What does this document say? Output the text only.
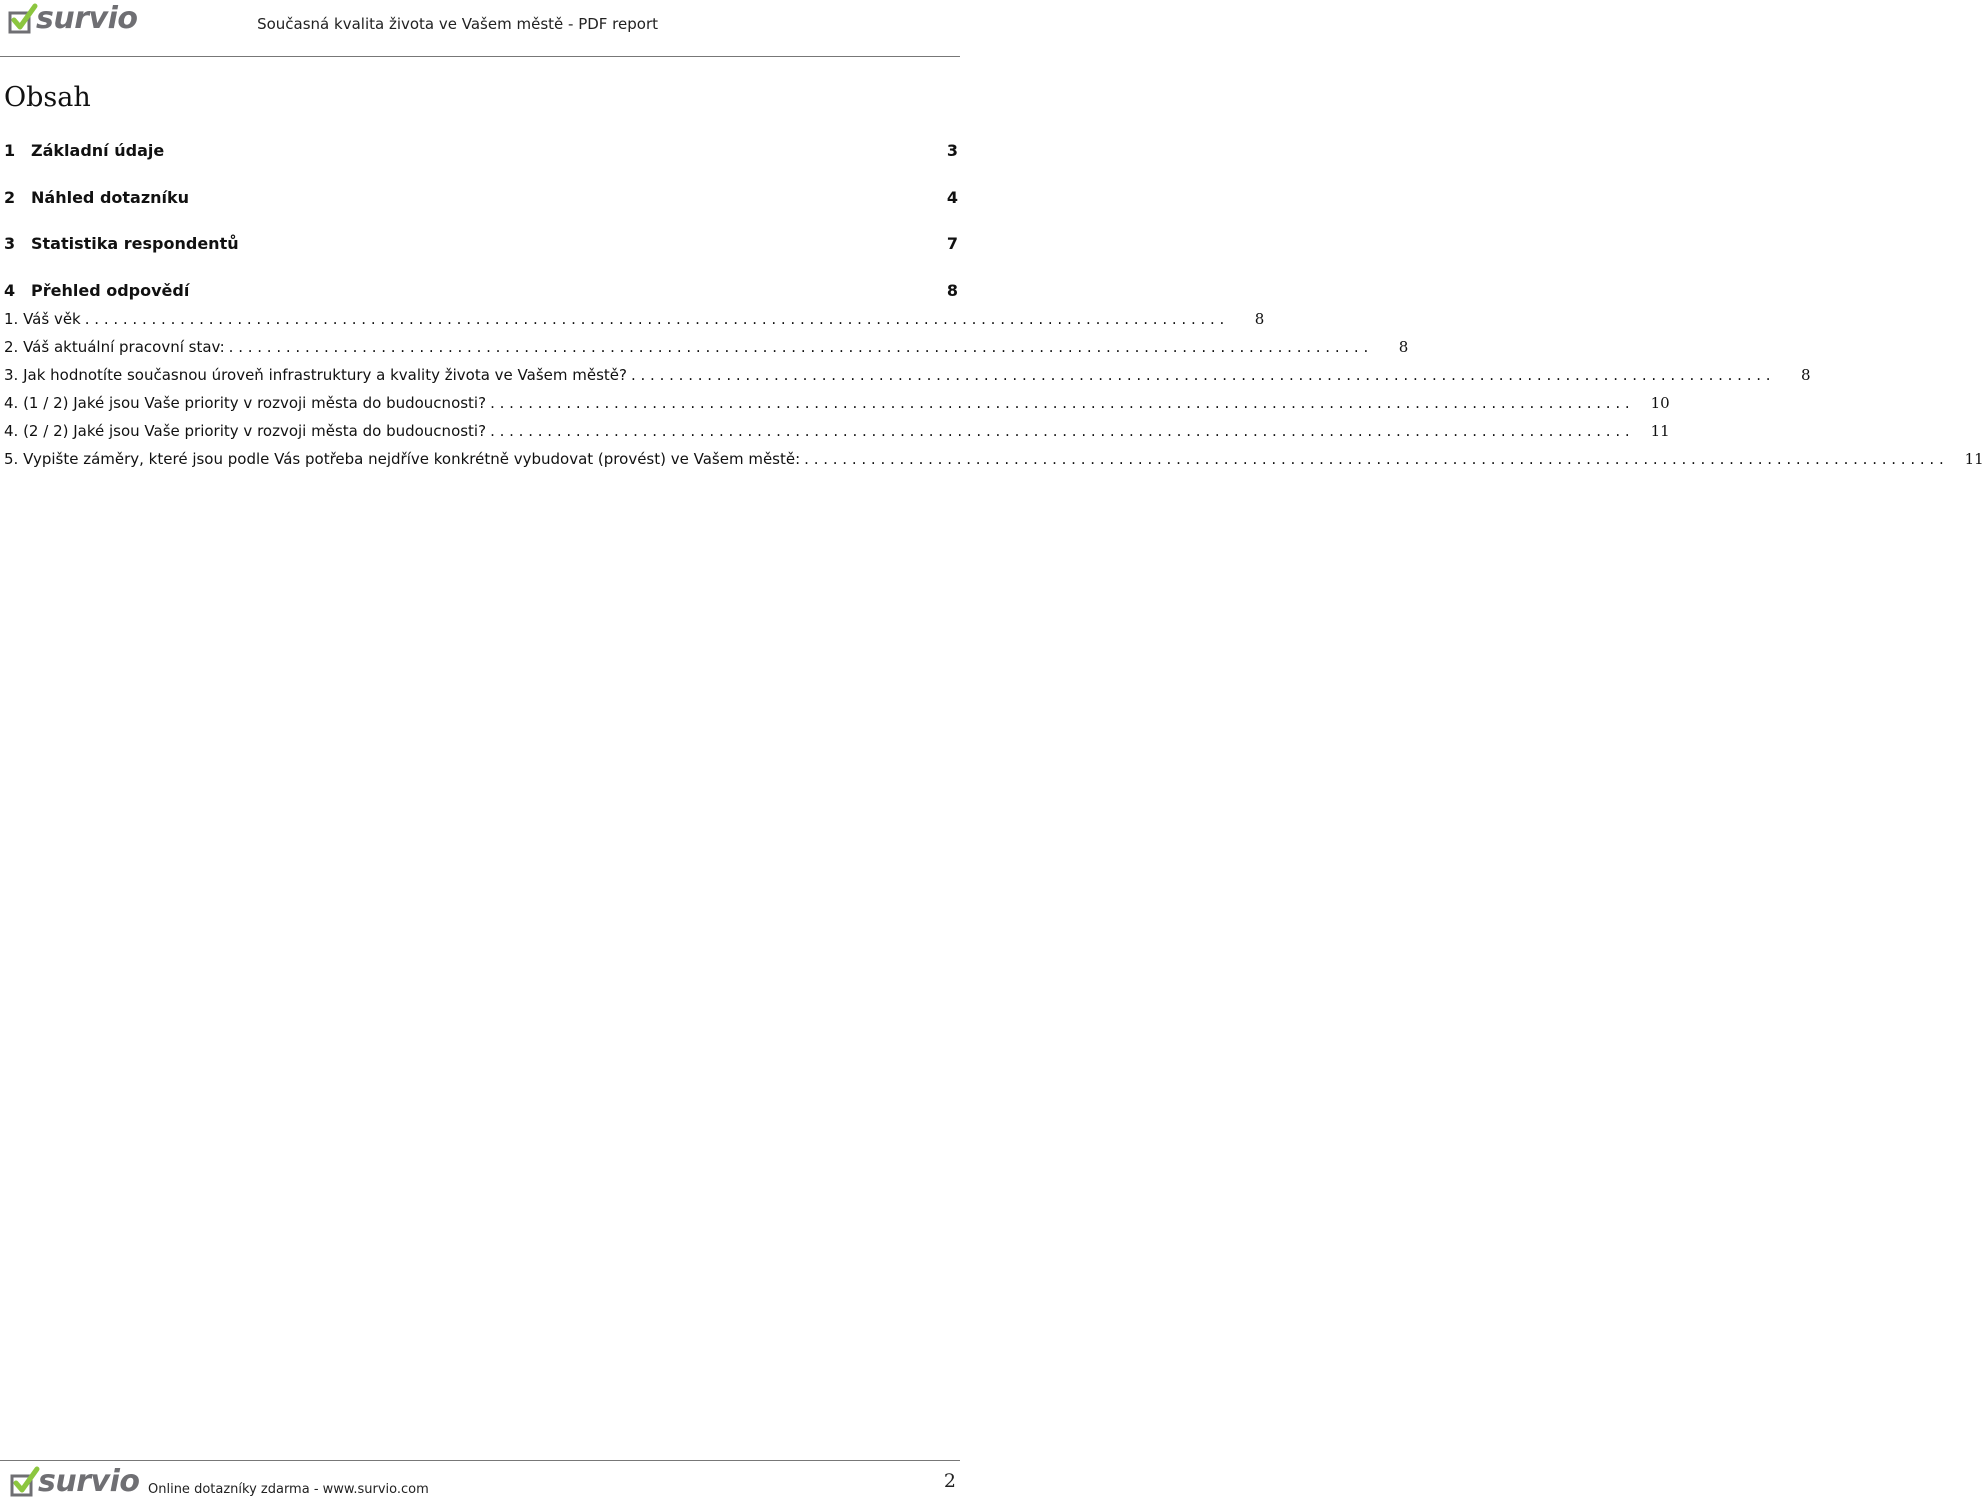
survio	Současná kvalita života ve Vašem městě - PDF report
Obsah
1 Základní údaje	3
2 Náhled dotazníku	4
3 Statistika respondentů	7
4 Přehled odpovědí	8
1. Váš věk . . . . . . . . . . . . . . . . . . . . . . . . . . . . . . . . . . . . . . . . . . . . . . . . . . . . . . . . . . . . . . . . . . . . . . . . . . . . . . . . . . . . . . . . . . . . . . . . . . . . . . . . . . . . . . . . . . . . . . . .	8
2. Váš aktuální pracovní stav: . . . . . . . . . . . . . . . . . . . . . . . . . . . . . . . . . . . . . . . . . . . . . . . . . . . . . . . . . . . . . . . . . . . . . . . . . . . . . . . . . . . . . . . . . . . . . . . . . . . . . . . . . . . . . . . . . . . . . . . .	8
3. Jak hodnotíte současnou úroveň infrastruktury a kvality života ve Vašem městě? . . . . . . . . . . . . . . . . . . . . . . . . . . . . . . . . . . . . . . . . . . . . . . . . . . . . . . . . . . . . . . . . . . . . . . . . . . . . . . . . . . . . . . . . . . . . . . . . . . . . . . . . . . . . . . . . . . . . . . . .	8
4. (1 / 2) Jaké jsou Vaše priority v rozvoji města do budoucnosti? . . . . . . . . . . . . . . . . . . . . . . . . . . . . . . . . . . . . . . . . . . . . . . . . . . . . . . . . . . . . . . . . . . . . . . . . . . . . . . . . . . . . . . . . . . . . . . . . . . . . . . . . . . . . . . . . . . . . . . . .	10
4. (2 / 2) Jaké jsou Vaše priority v rozvoji města do budoucnosti? . . . . . . . . . . . . . . . . . . . . . . . . . . . . . . . . . . . . . . . . . . . . . . . . . . . . . . . . . . . . . . . . . . . . . . . . . . . . . . . . . . . . . . . . . . . . . . . . . . . . . . . . . . . . . . . . . . . . . . . .	11
5. Vypište záměry, které jsou podle Vás potřeba nejdříve konkrétně vybudovat (provést) ve Vašem městě: . . . . . . . . . . . . . . . . . . . . . . . . . . . . . . . . . . . . . . . . . . . . . . . . . . . . . . . . . . . . . . . . . . . . . . . . . . . . . . . . . . . . . . . . . . . . . . . . . . . . . . . . . . . . . . . . . . . . . . . .	11
survio Online dotazníky zdarma - www.survio.com	2
